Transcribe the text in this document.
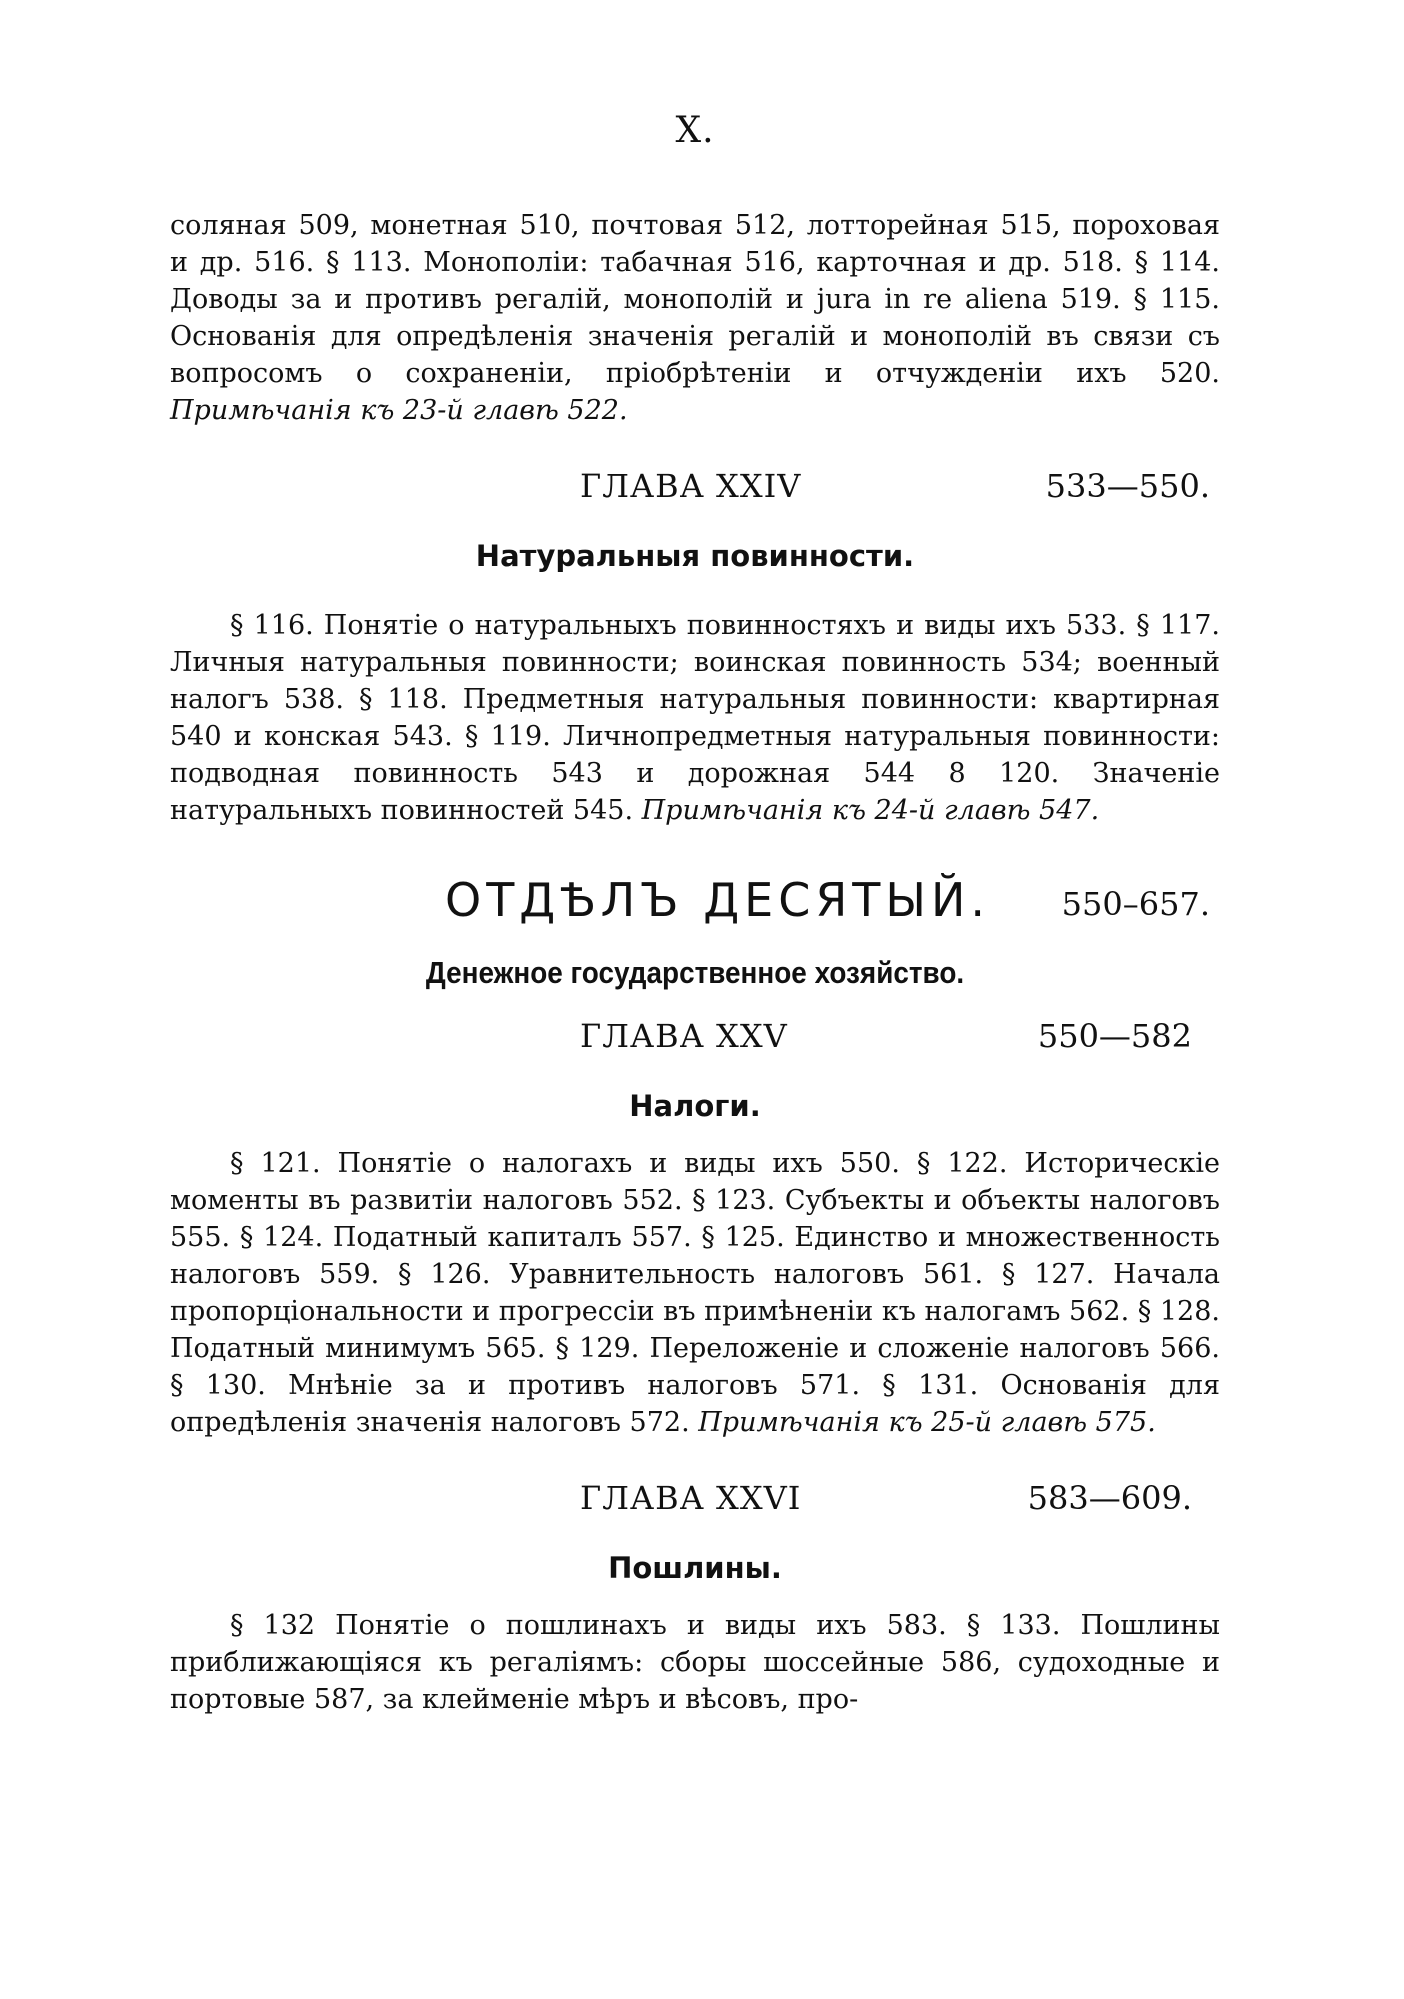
X.

соляная 509, монетная 510, почтовая 512, лотторейная 515, пороховая и др. 516. § 113. Монополіи: табачная 516, карточная и др. 518. § 114. Доводы за и противъ регалій, монополій и jura in re aliena 519. § 115. Основанія для опредѣленія значенія регалій и монополій въ связи съ вопросомъ о сохраненіи, пріобрѣтеніи и отчужденіи ихъ 520. Примѣчанія къ 23-й главѣ 522.

ГЛАВА XXIV	533—550.
Натуральныя повинности.

§ 116. Понятіе о натуральныхъ повинностяхъ и виды ихъ 533. § 117. Личныя натуральныя повинности; воинская повинность 534; военный налогъ 538. § 118. Предметныя натуральныя повинности: квартирная 540 и конская 543. § 119. Личнопредметныя натуральныя повинности: подводная повинность 543 и дорожная 544 8 120. Значеніе натуральныхъ повинностей 545. Примѣчанія къ 24-й главѣ 547.

ОТДѢЛЪ ДЕСЯТЫЙ. 550–657.
Денежное государственное хозяйство.
ГЛАВА XXV	550—582
Налоги.

§ 121. Понятіе о налогахъ и виды ихъ 550. § 122. Историческіе моменты въ развитіи налоговъ 552. § 123. Субъекты и объекты налоговъ 555. § 124. Податный капиталъ 557. § 125. Единство и множественность налоговъ 559. § 126. Уравнительность налоговъ 561. § 127. Начала пропорціональности и прогрессіи въ примѣненіи къ налогамъ 562. § 128. Податный минимумъ 565. § 129. Переложеніе и сложеніе налоговъ 566. § 130. Мнѣніе за и противъ налоговъ 571. § 131. Основанія для опредѣленія значенія налоговъ 572. Примѣчанія къ 25-й главѣ 575.

ГЛАВА XXVI	583—609.
Пошлины.

§ 132 Понятіе о пошлинахъ и виды ихъ 583. § 133. Пошлины приближающіяся къ регаліямъ: сборы шоссейные 586, судоходные и портовые 587, за клейменіе мѣръ и вѣсовъ, про-
